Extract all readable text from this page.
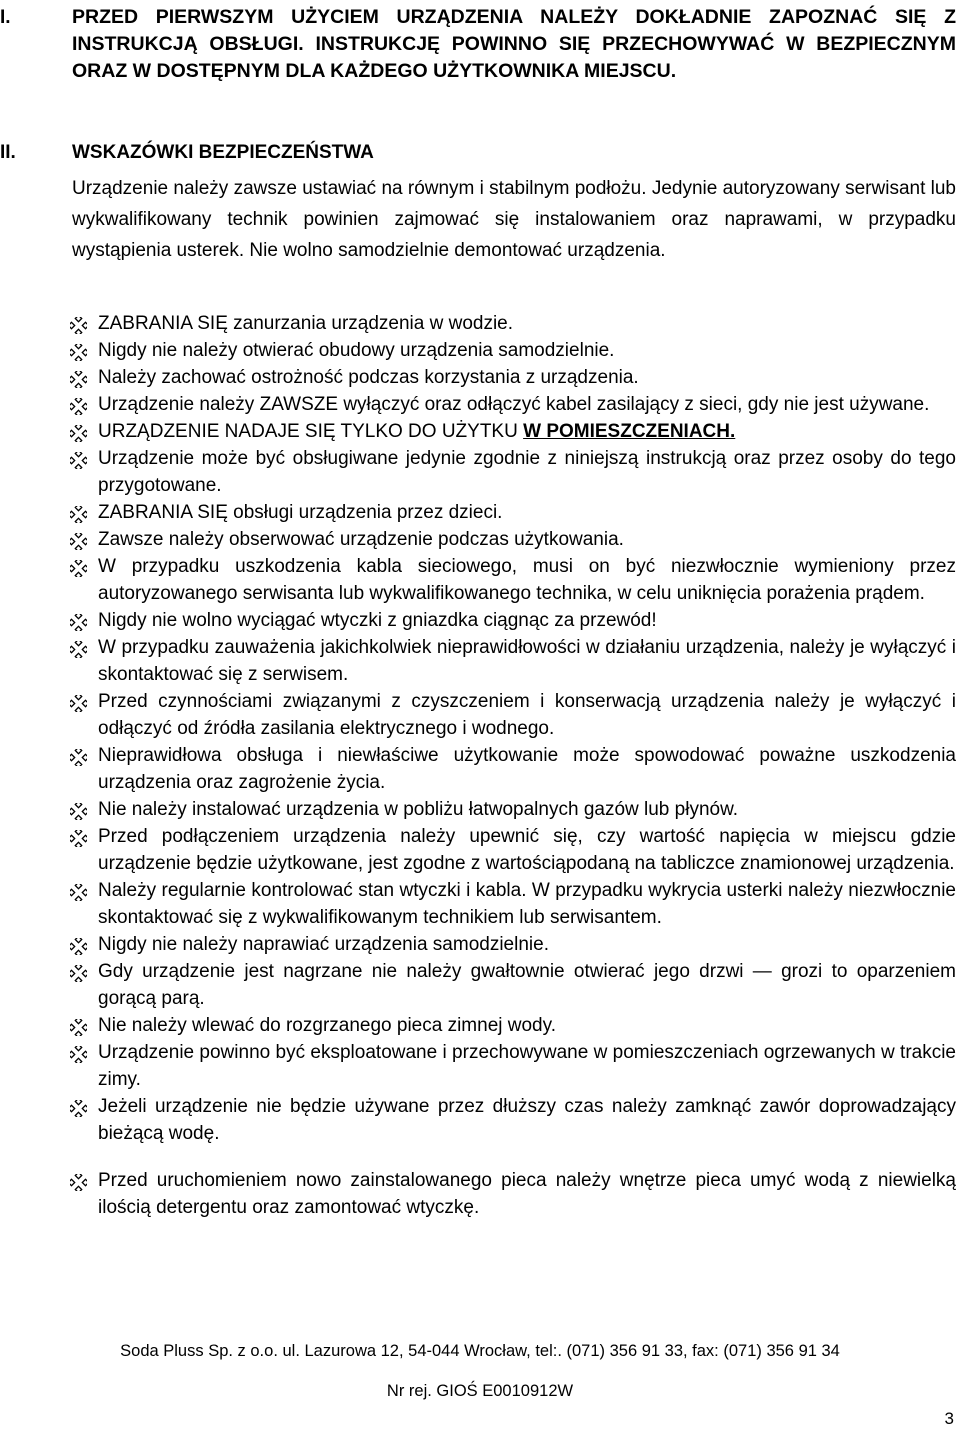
I.	PRZED PIERWSZYM UŻYCIEM URZĄDZENIA NALEŻY DOKŁADNIE ZAPOZNAĆ SIĘ Z INSTRUKCJĄ OBSŁUGI. INSTRUKCJĘ POWINNO SIĘ PRZECHOWYWAĆ W BEZPIECZNYM ORAZ W DOSTĘPNYM DLA KAŻDEGO UŻYTKOWNIKA MIEJSCU.
II.	WSKAZÓWKI BEZPIECZEŃSTWA

Urządzenie należy zawsze ustawiać na równym i stabilnym podłożu. Jedynie autoryzowany serwisant lub wykwalifikowany technik powinien zajmować się instalowaniem oraz naprawami, w przypadku wystąpienia usterek. Nie wolno samodzielnie demontować urządzenia.

ZABRANIA SIĘ zanurzania urządzenia w wodzie.
Nigdy nie należy otwierać obudowy urządzenia samodzielnie.
Należy zachować ostrożność podczas korzystania z urządzenia.
Urządzenie należy ZAWSZE wyłączyć oraz odłączyć kabel zasilający z sieci, gdy nie jest używane.
URZĄDZENIE NADAJE SIĘ TYLKO DO UŻYTKU W POMIESZCZENIACH.
Urządzenie może być obsługiwane jedynie zgodnie z niniejszą instrukcją oraz przez osoby do tego przygotowane.
ZABRANIA SIĘ obsługi urządzenia przez dzieci.
Zawsze należy obserwować urządzenie podczas użytkowania.
W przypadku uszkodzenia kabla sieciowego, musi on być niezwłocznie wymieniony przez autoryzowanego serwisanta lub wykwalifikowanego technika, w celu uniknięcia porażenia prądem.
Nigdy nie wolno wyciągać wtyczki z gniazdka ciągnąc za przewód!
W przypadku zauważenia jakichkolwiek nieprawidłowości w działaniu urządzenia, należy je wyłączyć i skontaktować się z serwisem.
Przed czynnościami związanymi z czyszczeniem i konserwacją urządzenia należy je wyłączyć i odłączyć od źródła zasilania elektrycznego i wodnego.
Nieprawidłowa obsługa i niewłaściwe użytkowanie może spowodować poważne uszkodzenia urządzenia oraz zagrożenie życia.
Nie należy instalować urządzenia w pobliżu łatwopalnych gazów lub płynów.
Przed podłączeniem urządzenia należy upewnić się, czy wartość napięcia w miejscu gdzie urządzenie będzie użytkowane, jest zgodne z wartościąpodaną na tabliczce znamionowej urządzenia.
Należy regularnie kontrolować stan wtyczki i kabla. W przypadku wykrycia usterki należy niezwłocznie skontaktować się z wykwalifikowanym technikiem lub serwisantem.
Nigdy nie należy naprawiać urządzenia samodzielnie.
Gdy urządzenie jest nagrzane nie należy gwałtownie otwierać jego drzwi — grozi to oparzeniem gorącą parą.
Nie należy wlewać do rozgrzanego pieca zimnej wody.
Urządzenie powinno być eksploatowane i przechowywane w pomieszczeniach ogrzewanych w trakcie zimy.
Jeżeli urządzenie nie będzie używane przez dłuższy czas należy zamknąć zawór doprowadzający bieżącą wodę.
Przed uruchomieniem nowo zainstalowanego pieca należy wnętrze pieca umyć wodą z niewielką ilością detergentu oraz zamontować wtyczkę.
Soda Pluss Sp. z o.o. ul. Lazurowa 12, 54-044 Wrocław, tel:. (071) 356 91 33, fax: (071) 356 91 34
Nr rej. GIOŚ E0010912W
3
